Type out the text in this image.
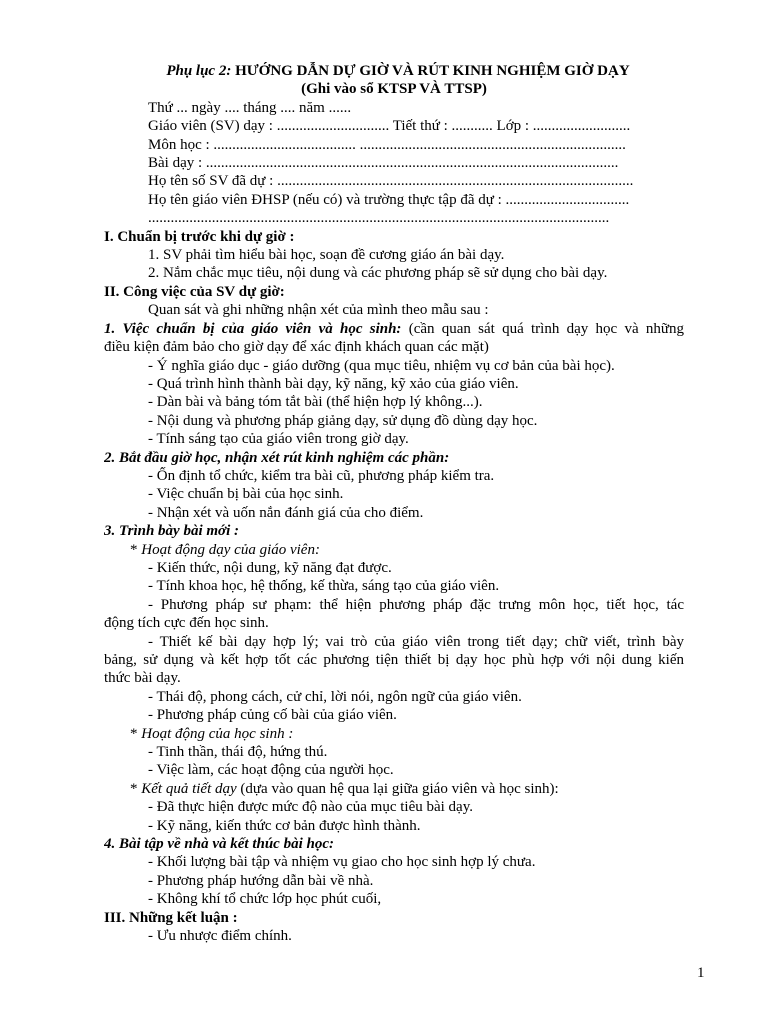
Phụ lục 2: HƯỚNG DẪN DỰ GIỜ VÀ RÚT KINH NGHIỆM GIỜ DẠY
(Ghi vào sổ KTSP VÀ TTSP)
Thứ ... ngày .... tháng .... năm ......
Giáo viên (SV) dạy : .............................. Tiết thứ : ........... Lớp : ..........................
Môn học : ...................................... .......................................................................
Bài dạy : ..............................................................................................................
Họ tên số SV đã dự : ...............................................................................................
Họ tên giáo viên ĐHSP (nếu có) và trường thực tập đã dự : .................................
...........................................................................................................................
I. Chuẩn bị trước khi dự giờ :
1. SV phải tìm hiểu bài học, soạn đề cương giáo án bài dạy.
2. Nắm chắc mục tiêu, nội dung và các phương pháp sẽ sử dụng cho bài dạy.
II. Công việc của SV dự giờ:
Quan sát và ghi những nhận xét của mình theo mẫu sau :
1. Việc chuẩn bị của giáo viên và học sinh: (cần quan sát quá trình dạy học và những
điều kiện đảm bảo cho giờ dạy để xác định khách quan các mặt)
- Ý nghĩa giáo dục - giáo dưỡng (qua mục tiêu, nhiệm vụ cơ bản của bài học).
- Quá trình hình thành bài dạy, kỹ năng, kỹ xảo của giáo viên.
- Dàn bài và bảng tóm tắt bài (thể hiện hợp lý không...).
- Nội dung và phương pháp giảng dạy, sử dụng đồ dùng dạy học.
- Tính sáng tạo của giáo viên trong giờ dạy.
2. Bắt đầu giờ học, nhận xét rút kinh nghiệm các phần:
- Ổn định tổ chức, kiểm tra bài cũ, phương pháp kiểm tra.
- Việc chuẩn bị bài của học sinh.
- Nhận xét và uốn nắn đánh giá của cho điểm.
3. Trình bày bài mới :
* Hoạt động dạy của giáo viên:
- Kiến thức, nội dung, kỹ năng đạt được.
- Tính khoa học, hệ thống, kế thừa, sáng tạo của giáo viên.
- Phương pháp sư phạm: thể hiện phương pháp đặc trưng môn học, tiết học, tác
động tích cực đến học sinh.
- Thiết kế bài dạy hợp lý; vai trò của giáo viên trong tiết dạy; chữ viết, trình bày
bảng, sử dụng và kết hợp tốt các phương tiện thiết bị dạy học phù hợp với nội dung kiến
thức bài dạy.
- Thái độ, phong cách, cử chỉ, lời nói, ngôn ngữ của giáo viên.
- Phương pháp củng cố bài của giáo viên.
* Hoạt động của học sinh :
- Tinh thần, thái độ, hứng thú.
- Việc làm, các hoạt động của người học.
* Kết quả tiết dạy (dựa vào quan hệ qua lại giữa giáo viên và học sinh):
- Đã thực hiện được mức độ nào của mục tiêu bài dạy.
- Kỹ năng, kiến thức cơ bản được hình thành.
4. Bài tập về nhà và kết thúc bài học:
- Khối lượng bài tập và nhiệm vụ giao cho học sinh hợp lý chưa.
- Phương pháp hướng dẫn bài về nhà.
- Không khí tổ chức lớp học phút cuối,
III. Những kết luận :
- Ưu nhược điểm chính.
1
